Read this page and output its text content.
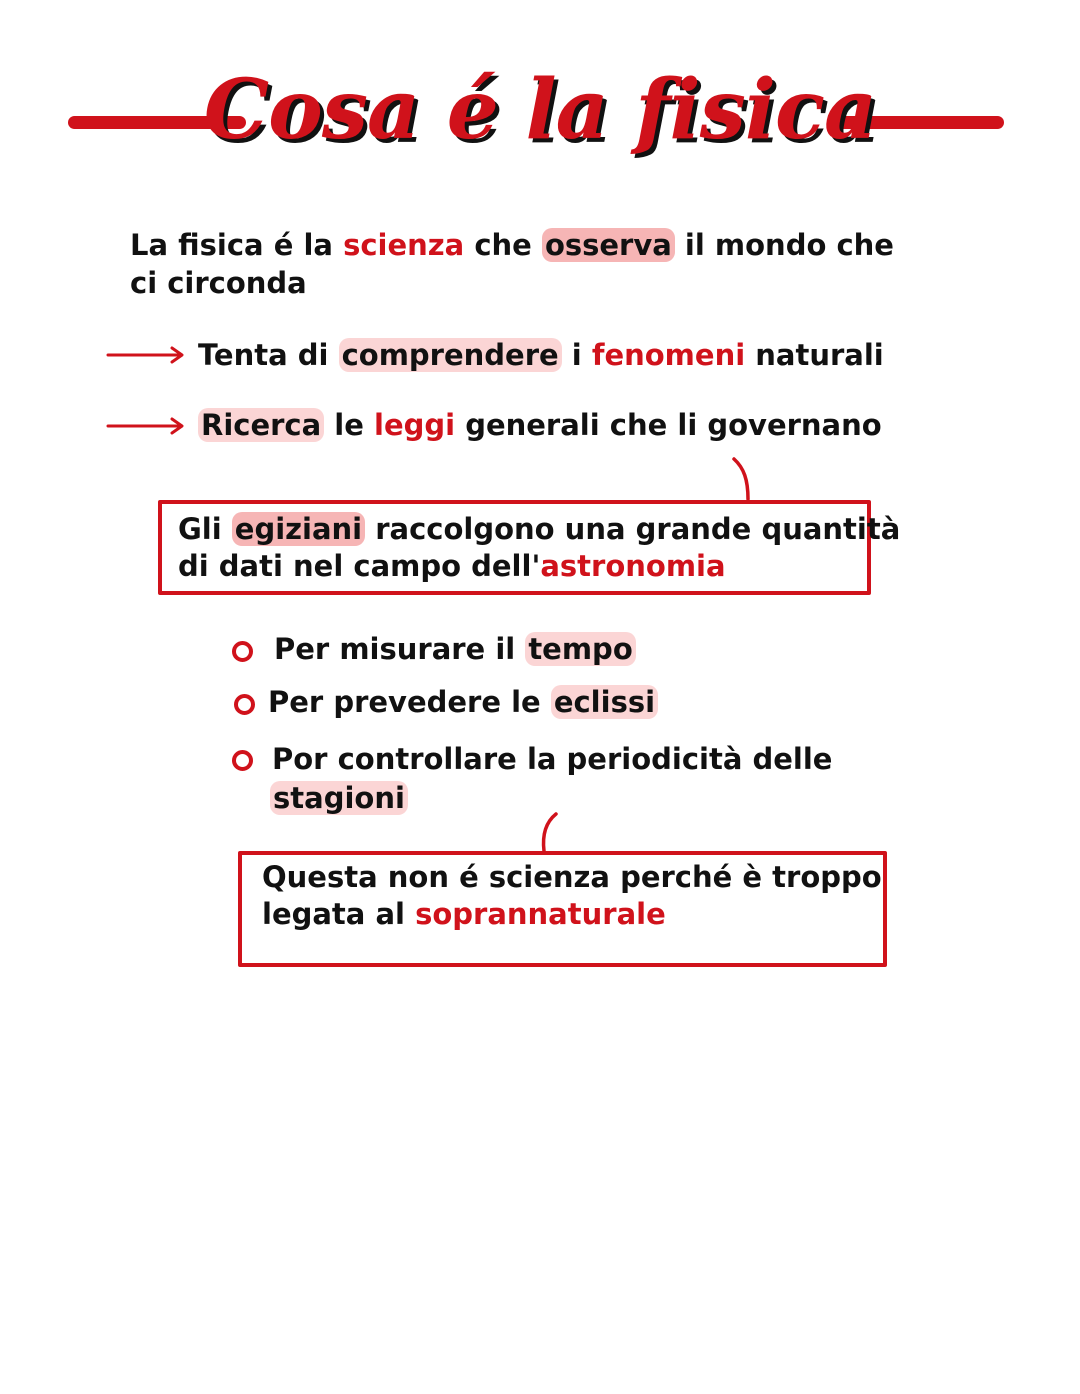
Cosa é la fisica
La fisica é la scienza che osserva il mondo che
ci circonda
Tenta di comprendere i fenomeni naturali
Ricerca le leggi generali che li governano
Gli egiziani raccolgono una grande quantità
di dati nel campo dell'astronomia
Per misurare il tempo
Per prevedere le eclissi
Por controllare la periodicità delle
stagioni
Questa non é scienza perché è troppo
legata al soprannaturale
